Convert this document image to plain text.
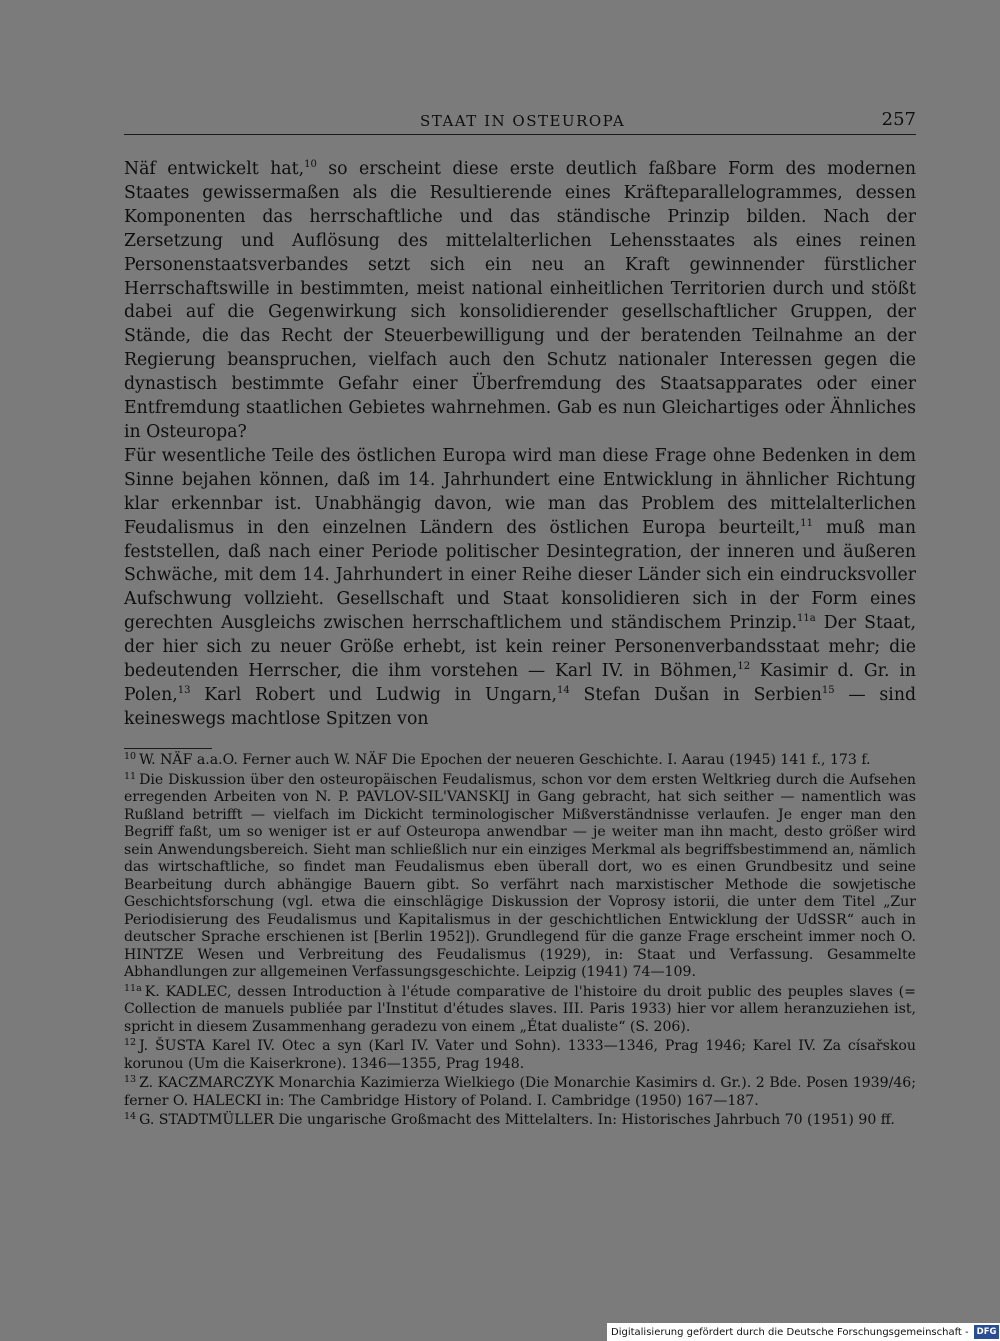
STAAT IN OSTEUROPA	257

Näf entwickelt hat,$^{10}$ so erscheint diese erste deutlich faßbare Form des modernen Staates gewissermaßen als die Resultierende eines Kräfteparallelogrammes, dessen Komponenten das herrschaftliche und das ständische Prinzip bilden. Nach der Zersetzung und Auflösung des mittelalterlichen Lehensstaates als eines reinen Personenstaatsverbandes setzt sich ein neu an Kraft gewinnender fürstlicher Herrschaftswille in bestimmten, meist national einheitlichen Territorien durch und stößt dabei auf die Gegenwirkung sich konsolidierender gesellschaftlicher Gruppen, der Stände, die das Recht der Steuerbewilligung und der beratenden Teilnahme an der Regierung beanspruchen, vielfach auch den Schutz nationaler Interessen gegen die dynastisch bestimmte Gefahr einer Überfremdung des Staatsapparates oder einer Entfremdung staatlichen Gebietes wahrnehmen. Gab es nun Gleichartiges oder Ähnliches in Osteuropa?

Für wesentliche Teile des östlichen Europa wird man diese Frage ohne Bedenken in dem Sinne bejahen können, daß im 14. Jahrhundert eine Entwicklung in ähnlicher Richtung klar erkennbar ist. Unabhängig davon, wie man das Problem des mittelalterlichen Feudalismus in den einzelnen Ländern des östlichen Europa beurteilt,$^{11}$ muß man feststellen, daß nach einer Periode politischer Desintegration, der inneren und äußeren Schwäche, mit dem 14. Jahrhundert in einer Reihe dieser Länder sich ein eindrucksvoller Aufschwung vollzieht. Gesellschaft und Staat konsolidieren sich in der Form eines gerechten Ausgleichs zwischen herrschaftlichem und ständischem Prinzip.$^{11a}$ Der Staat, der hier sich zu neuer Größe erhebt, ist kein reiner Personenverbandsstaat mehr; die bedeutenden Herrscher, die ihm vorstehen — Karl IV. in Böhmen,$^{12}$ Kasimir d. Gr. in Polen,$^{13}$ Karl Robert und Ludwig in Ungarn,$^{14}$ Stefan Dušan in Serbien$^{15}$ — sind keineswegs machtlose Spitzen von

$^{10}$ W. NÄF a.a.O. Ferner auch W. NÄF Die Epochen der neueren Geschichte. I. Aarau (1945) 141 f., 173 f.

$^{11}$ Die Diskussion über den osteuropäischen Feudalismus, schon vor dem ersten Weltkrieg durch die Aufsehen erregenden Arbeiten von N. P. PAVLOV-SIL'VANSKIJ in Gang gebracht, hat sich seither — namentlich was Rußland betrifft — vielfach im Dickicht terminologischer Mißverständnisse verlaufen. Je enger man den Begriff faßt, um so weniger ist er auf Osteuropa anwendbar — je weiter man ihn macht, desto größer wird sein Anwendungsbereich. Sieht man schließlich nur ein einziges Merkmal als begriffsbestimmend an, nämlich das wirtschaftliche, so findet man Feudalismus eben überall dort, wo es einen Grundbesitz und seine Bearbeitung durch abhängige Bauern gibt. So verfährt nach marxistischer Methode die sowjetische Geschichtsforschung (vgl. etwa die einschlägige Diskussion der Voprosy istorii, die unter dem Titel „Zur Periodisierung des Feudalismus und Kapitalismus in der geschichtlichen Entwicklung der UdSSR“ auch in deutscher Sprache erschienen ist [Berlin 1952]). Grundlegend für die ganze Frage erscheint immer noch O. HINTZE Wesen und Verbreitung des Feudalismus (1929), in: Staat und Verfassung. Gesammelte Abhandlungen zur allgemeinen Verfassungsgeschichte. Leipzig (1941) 74—109.

$^{11a}$ K. KADLEC, dessen Introduction à l'étude comparative de l'histoire du droit public des peuples slaves (= Collection de manuels publiée par l'Institut d'études slaves. III. Paris 1933) hier vor allem heranzuziehen ist, spricht in diesem Zusammenhang geradezu von einem „État dualiste“ (S. 206).

$^{12}$ J. ŠUSTA Karel IV. Otec a syn (Karl IV. Vater und Sohn). 1333—1346, Prag 1946; Karel IV. Za císařskou korunou (Um die Kaiserkrone). 1346—1355, Prag 1948.

$^{13}$ Z. KACZMARCZYK Monarchia Kazimierza Wielkiego (Die Monarchie Kasimirs d. Gr.). 2 Bde. Posen 1939/46; ferner O. HALECKI in: The Cambridge History of Poland. I. Cambridge (1950) 167—187.

$^{14}$ G. STADTMÜLLER Die ungarische Großmacht des Mittelalters. In: Historisches Jahrbuch 70 (1951) 90 ff.

Digitalisierung gefördert durch die Deutsche Forschungsgemeinschaft - DFG
